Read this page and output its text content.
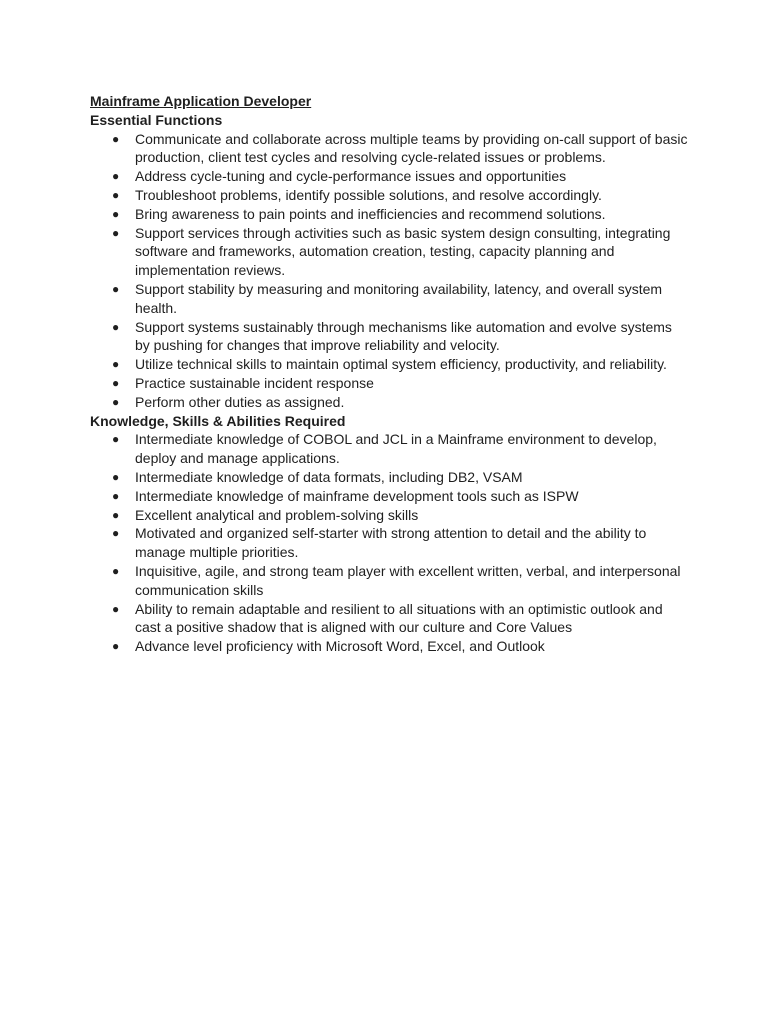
Mainframe Application Developer
Essential Functions
● Communicate and collaborate across multiple teams by providing on-call support of basic production, client test cycles and resolving cycle-related issues or problems.
● Address cycle-tuning and cycle-performance issues and opportunities
● Troubleshoot problems, identify possible solutions, and resolve accordingly.
● Bring awareness to pain points and inefficiencies and recommend solutions.
● Support services through activities such as basic system design consulting, integrating software and frameworks, automation creation, testing, capacity planning and implementation reviews.
● Support stability by measuring and monitoring availability, latency, and overall system health.
● Support systems sustainably through mechanisms like automation and evolve systems by pushing for changes that improve reliability and velocity.
● Utilize technical skills to maintain optimal system efficiency, productivity, and reliability.
● Practice sustainable incident response
● Perform other duties as assigned.
Knowledge, Skills & Abilities Required
● Intermediate knowledge of COBOL and JCL in a Mainframe environment to develop, deploy and manage applications.
● Intermediate knowledge of data formats, including DB2, VSAM
● Intermediate knowledge of mainframe development tools such as ISPW
● Excellent analytical and problem-solving skills
● Motivated and organized self-starter with strong attention to detail and the ability to manage multiple priorities.
● Inquisitive, agile, and strong team player with excellent written, verbal, and interpersonal communication skills
● Ability to remain adaptable and resilient to all situations with an optimistic outlook and cast a positive shadow that is aligned with our culture and Core Values
● Advance level proficiency with Microsoft Word, Excel, and Outlook
